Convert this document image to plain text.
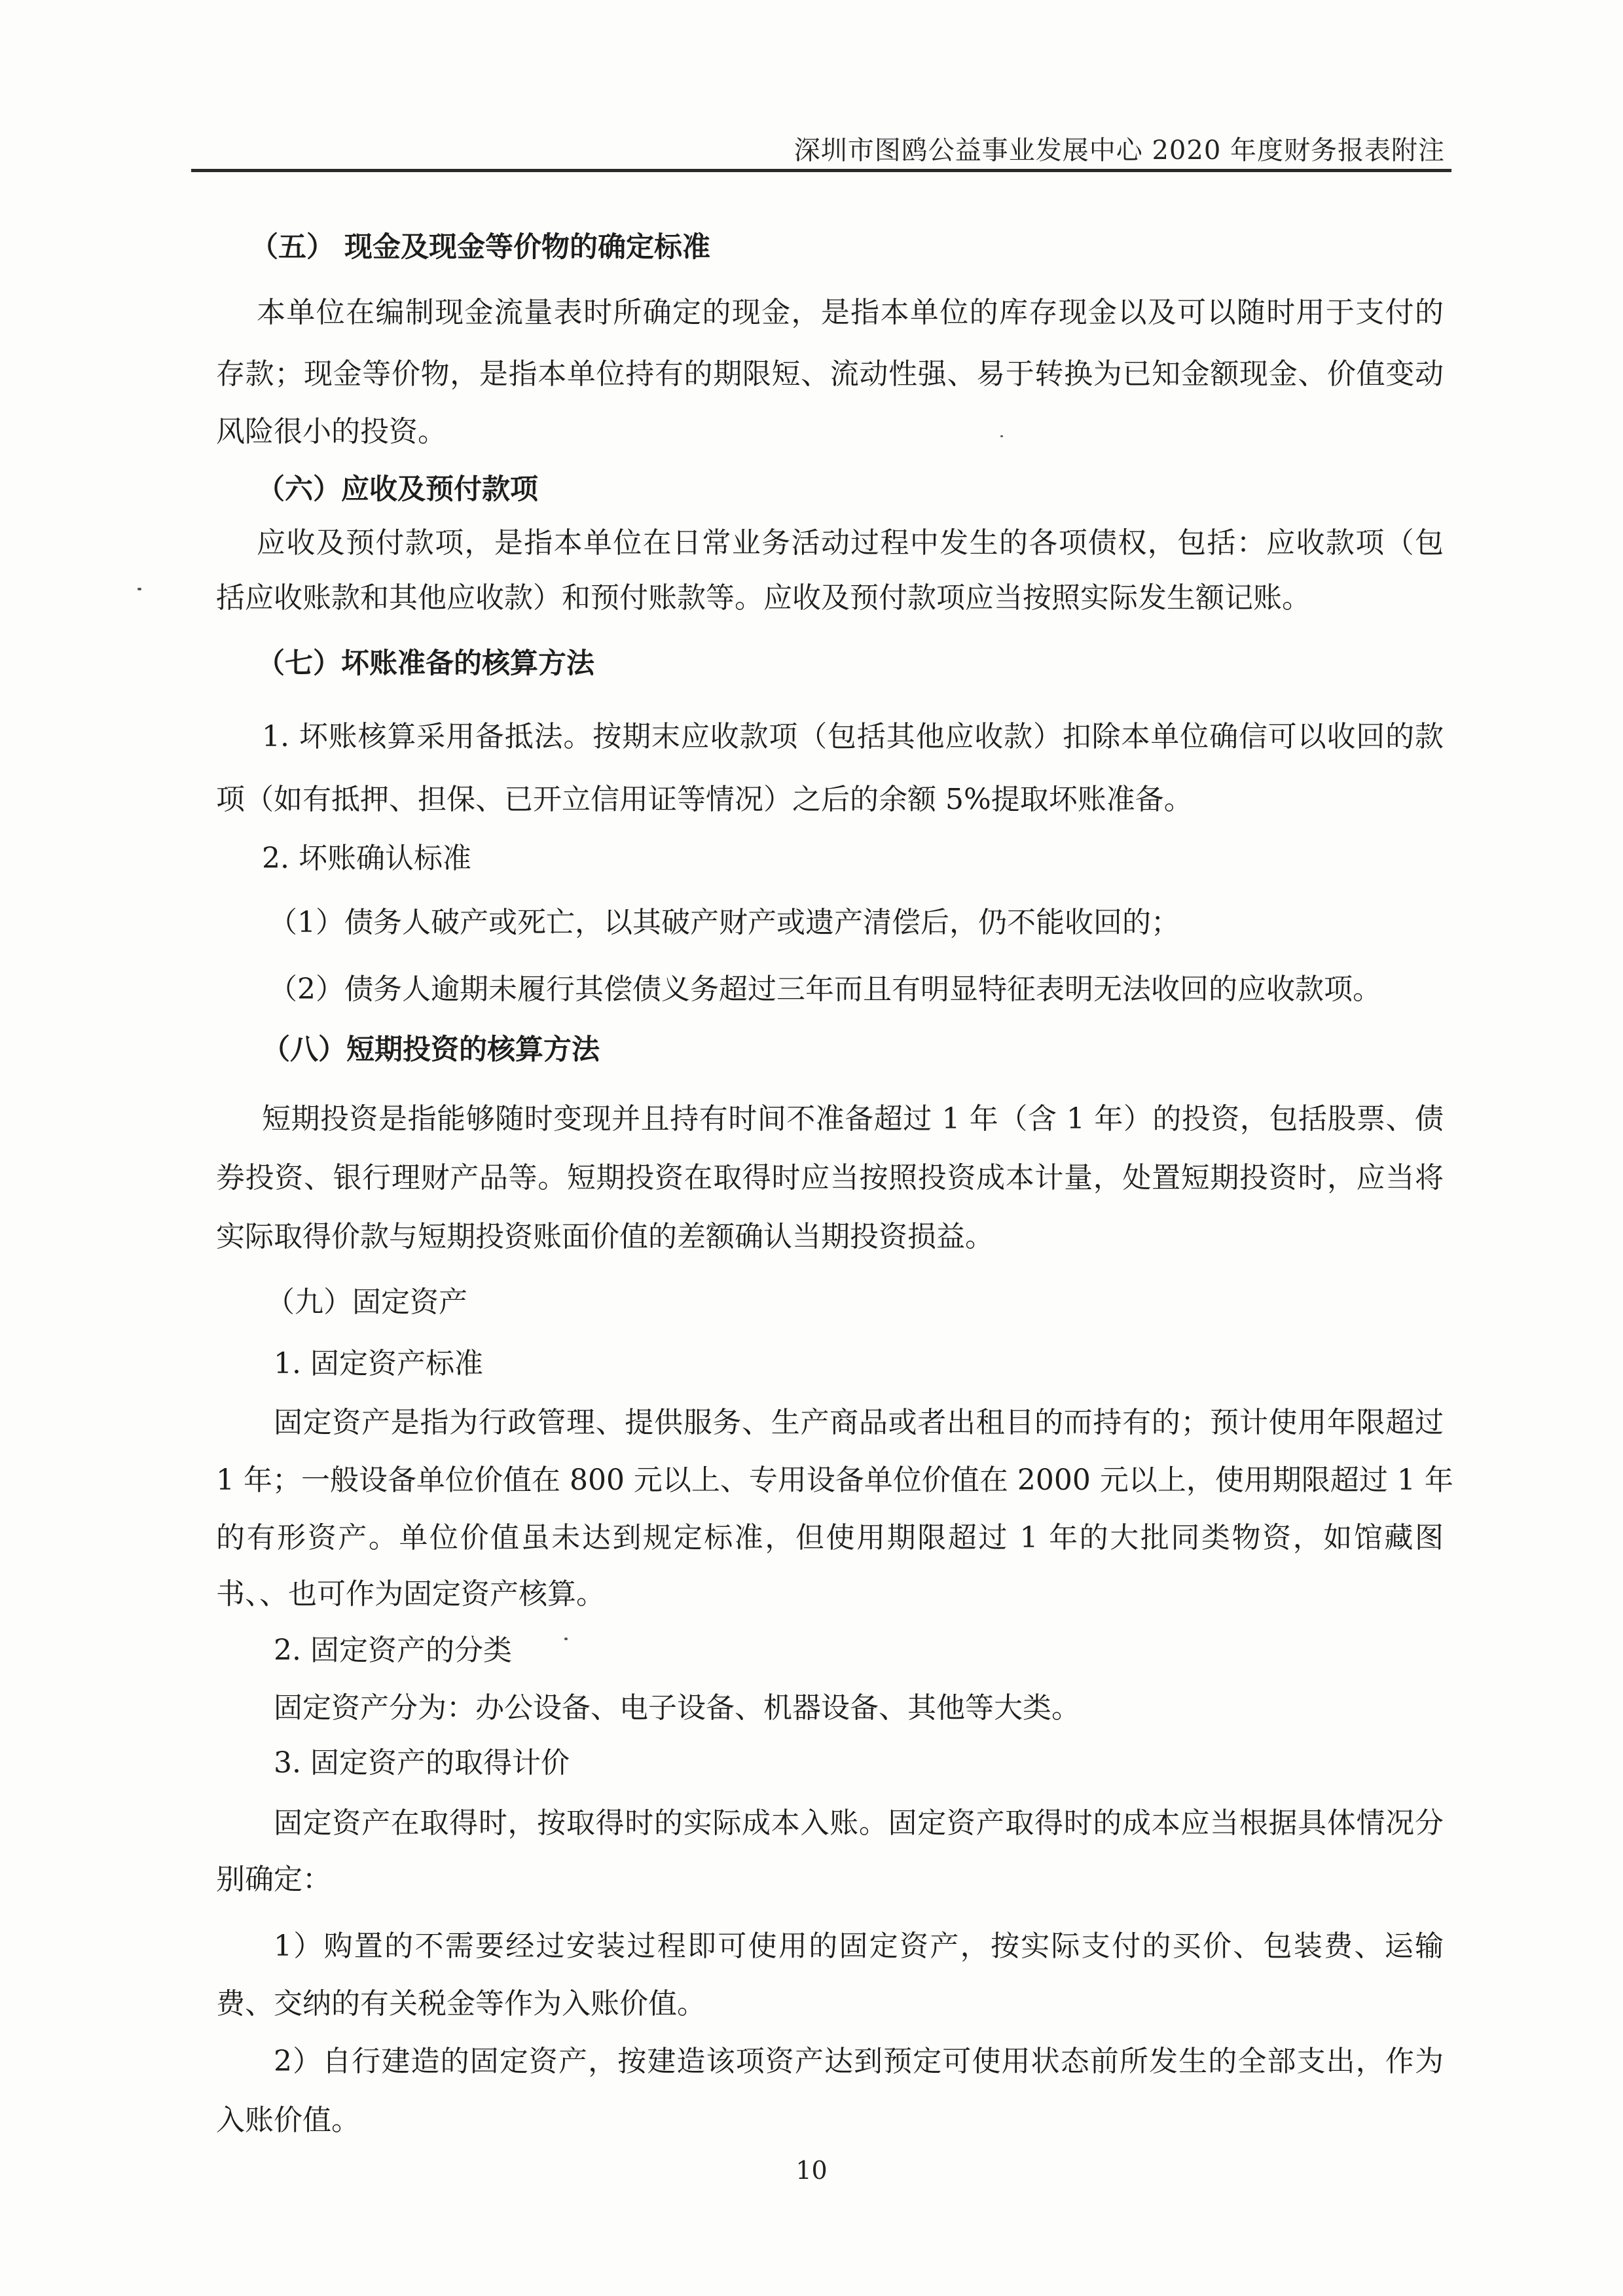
深圳市图鸥公益事业发展中心 2020 年度财务报表附注
（五） 现金及现金等价物的确定标准
本单位在编制现金流量表时所确定的现金，是指本单位的库存现金以及可以随时用于支付的
存款；现金等价物，是指本单位持有的期限短、流动性强、易于转换为已知金额现金、价值变动
风险很小的投资。
（六）应收及预付款项
应收及预付款项，是指本单位在日常业务活动过程中发生的各项债权，包括：应收款项（包
括应收账款和其他应收款）和预付账款等。应收及预付款项应当按照实际发生额记账。
（七）坏账准备的核算方法
1. 坏账核算采用备抵法。按期末应收款项（包括其他应收款）扣除本单位确信可以收回的款
项（如有抵押、担保、已开立信用证等情况）之后的余额 5%提取坏账准备。
2. 坏账确认标准
（1）债务人破产或死亡，以其破产财产或遗产清偿后，仍不能收回的；
（2）债务人逾期未履行其偿债义务超过三年而且有明显特征表明无法收回的应收款项。
（八）短期投资的核算方法
短期投资是指能够随时变现并且持有时间不准备超过 1 年（含 1 年）的投资，包括股票、债
券投资、银行理财产品等。短期投资在取得时应当按照投资成本计量，处置短期投资时，应当将
实际取得价款与短期投资账面价值的差额确认当期投资损益。
（九）固定资产
1. 固定资产标准
固定资产是指为行政管理、提供服务、生产商品或者出租目的而持有的；预计使用年限超过
1 年；一般设备单位价值在 800 元以上、专用设备单位价值在 2000 元以上，使用期限超过 1 年
的有形资产。单位价值虽未达到规定标准，但使用期限超过 1 年的大批同类物资，如馆藏图
书、、也可作为固定资产核算。
2. 固定资产的分类
固定资产分为：办公设备、电子设备、机器设备、其他等大类。
3. 固定资产的取得计价
固定资产在取得时，按取得时的实际成本入账。固定资产取得时的成本应当根据具体情况分
别确定：
1）购置的不需要经过安装过程即可使用的固定资产，按实际支付的买价、包装费、运输
费、交纳的有关税金等作为入账价值。
2）自行建造的固定资产，按建造该项资产达到预定可使用状态前所发生的全部支出，作为
入账价值。
10
